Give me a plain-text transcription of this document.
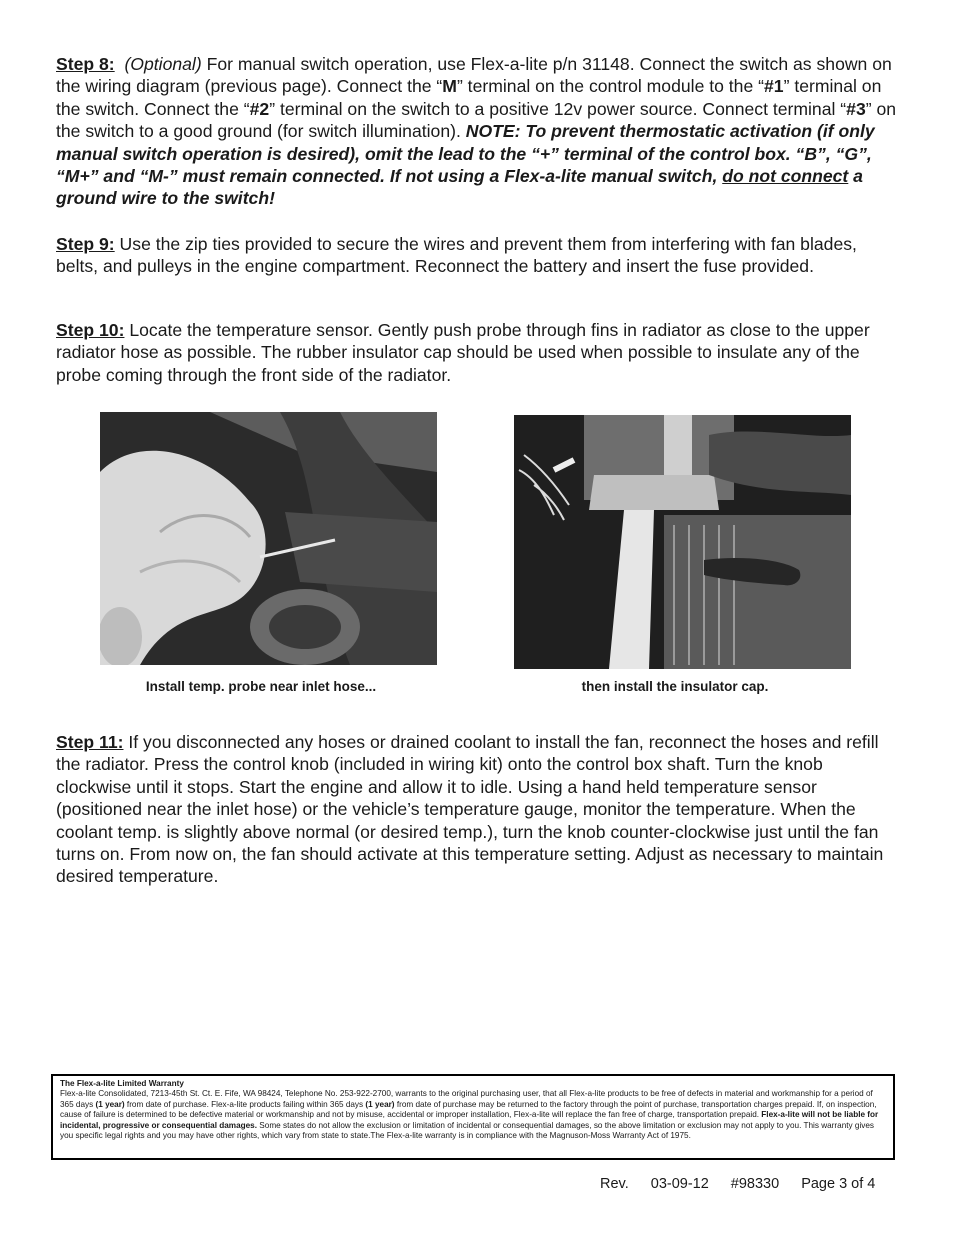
Step 8: (Optional) For manual switch operation, use Flex-a-lite p/n 31148. Connect the switch as shown on the wiring diagram (previous page). Connect the “M” terminal on the control module to the “#1” terminal on the switch. Connect the “#2” terminal on the switch to a positive 12v power source. Connect terminal “#3” on the switch to a good ground (for switch illumination). NOTE: To prevent thermostatic activation (if only manual switch operation is desired), omit the lead to the “+” terminal of the control box. “B”, “G”, “M+” and “M-” must remain connected. If not using a Flex-a-lite manual switch, do not connect a ground wire to the switch!
Step 9: Use the zip ties provided to secure the wires and prevent them from interfering with fan blades, belts, and pulleys in the engine compartment. Reconnect the battery and insert the fuse provided.
Step 10: Locate the temperature sensor. Gently push probe through fins in radiator as close to the upper radiator hose as possible. The rubber insulator cap should be used when possible to insulate any of the probe coming through the front side of the radiator.
Install temp. probe near inlet hose...	then install the insulator cap.
Step 11: If you disconnected any hoses or drained coolant to install the fan, reconnect the hoses and refill the radiator. Press the control knob (included in wiring kit) onto the control box shaft. Turn the knob clockwise until it stops. Start the engine and allow it to idle. Using a hand held temperature sensor (positioned near the inlet hose) or the vehicle’s temperature gauge, monitor the temperature. When the coolant temp. is slightly above normal (or desired temp.), turn the knob counter-clockwise just until the fan turns on. From now on, the fan should activate at this temperature setting. Adjust as necessary to maintain desired temperature.
The Flex-a-lite Limited Warranty
Flex-a-lite Consolidated, 7213-45th St. Ct. E. Fife, WA 98424, Telephone No. 253-922-2700, warrants to the original purchasing user, that all Flex-a-lite products to be free of defects in material and workmanship for a period of 365 days (1 year) from date of purchase. Flex-a-lite products failing within 365 days (1 year) from date of purchase may be returned to the factory through the point of purchase, transportation charges prepaid. If, on inspection, cause of failure is determined to be defective material or workmanship and not by misuse, accidental or improper installation, Flex-a-lite will replace the fan free of charge, transportation prepaid. Flex-a-lite will not be liable for incidental, progressive or consequential damages. Some states do not allow the exclusion or limitation of incidental or consequential damages, so the above limitation or exclusion may not apply to you. This warranty gives you specific legal rights and you may have other rights, which vary from state to state.The Flex-a-lite warranty is in compliance with the Magnuson-Moss Warranty Act of 1975.
Rev. 03-09-12 #98330 Page 3 of 4
